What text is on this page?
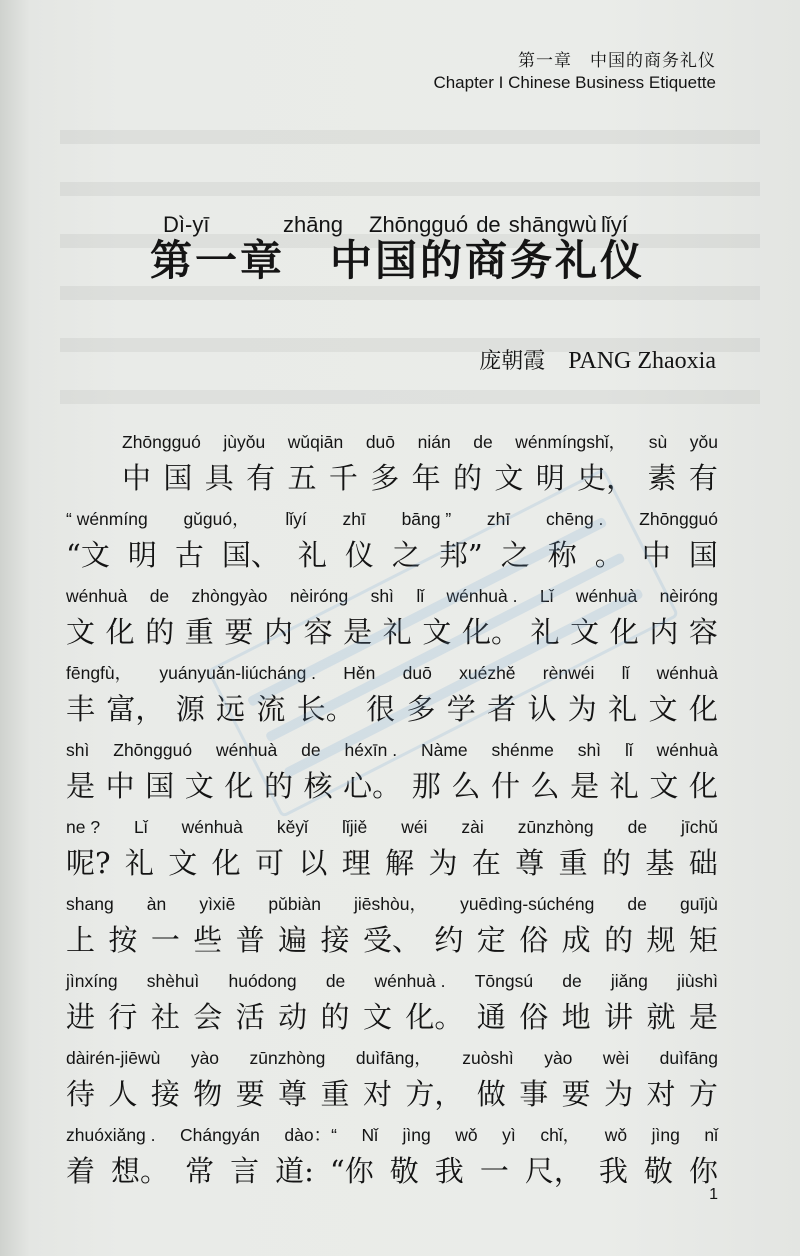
第一章　中国的商务礼仪
Chapter I Chinese Business Etiquette
Dì-yī	zhāng Zhōngguó de shāngwù lǐyí
第一章　中国的商务礼仪
庞朝霞 PANG Zhaoxia
Zhōngguó jùyǒu wǔqiān duō nián de wénmíngshǐ， sù yǒu
中 国 具 有 五 千 多 年 的 文 明 史， 素 有
“ wénmíng gǔguó， lǐyí zhī bāng ” zhī chēng . Zhōngguó
“文 明 古 国、 礼 仪 之 邦” 之 称 。 中 国
wénhuà de zhòngyào nèiróng shì lǐ wénhuà . Lǐ wénhuà nèiróng
文 化 的 重 要 内 容 是 礼 文 化。 礼 文 化 内 容
fēngfù， yuányuǎn-liúcháng . Hěn duō xuézhě rènwéi lǐ wénhuà
丰 富， 源 远 流 长。 很 多 学 者 认 为 礼 文 化
shì Zhōngguó wénhuà de héxīn . Nàme shénme shì lǐ wénhuà
是 中 国 文 化 的 核 心。 那 么 什 么 是 礼 文 化
ne ? Lǐ wénhuà kěyǐ lǐjiě wéi zài zūnzhòng de jīchǔ
呢? 礼 文 化 可 以 理 解 为 在 尊 重 的 基 础
shang àn yìxiē pǔbiàn jiēshòu， yuēdìng-súchéng de guījù
上 按 一 些 普 遍 接 受、 约 定 俗 成 的 规 矩
jìnxíng shèhuì huódong de wénhuà . Tōngsú de jiǎng jiùshì
进 行 社 会 活 动 的 文 化。 通 俗 地 讲 就 是
dàirén-jiēwù yào zūnzhòng duìfāng， zuòshì yào wèi duìfāng
待 人 接 物 要 尊 重 对 方， 做 事 要 为 对 方
zhuóxiǎng . Chángyán dào：“ Nǐ jìng wǒ yì chǐ， wǒ jìng nǐ
着 想。 常 言 道: “你 敬 我 一 尺， 我 敬 你
1
